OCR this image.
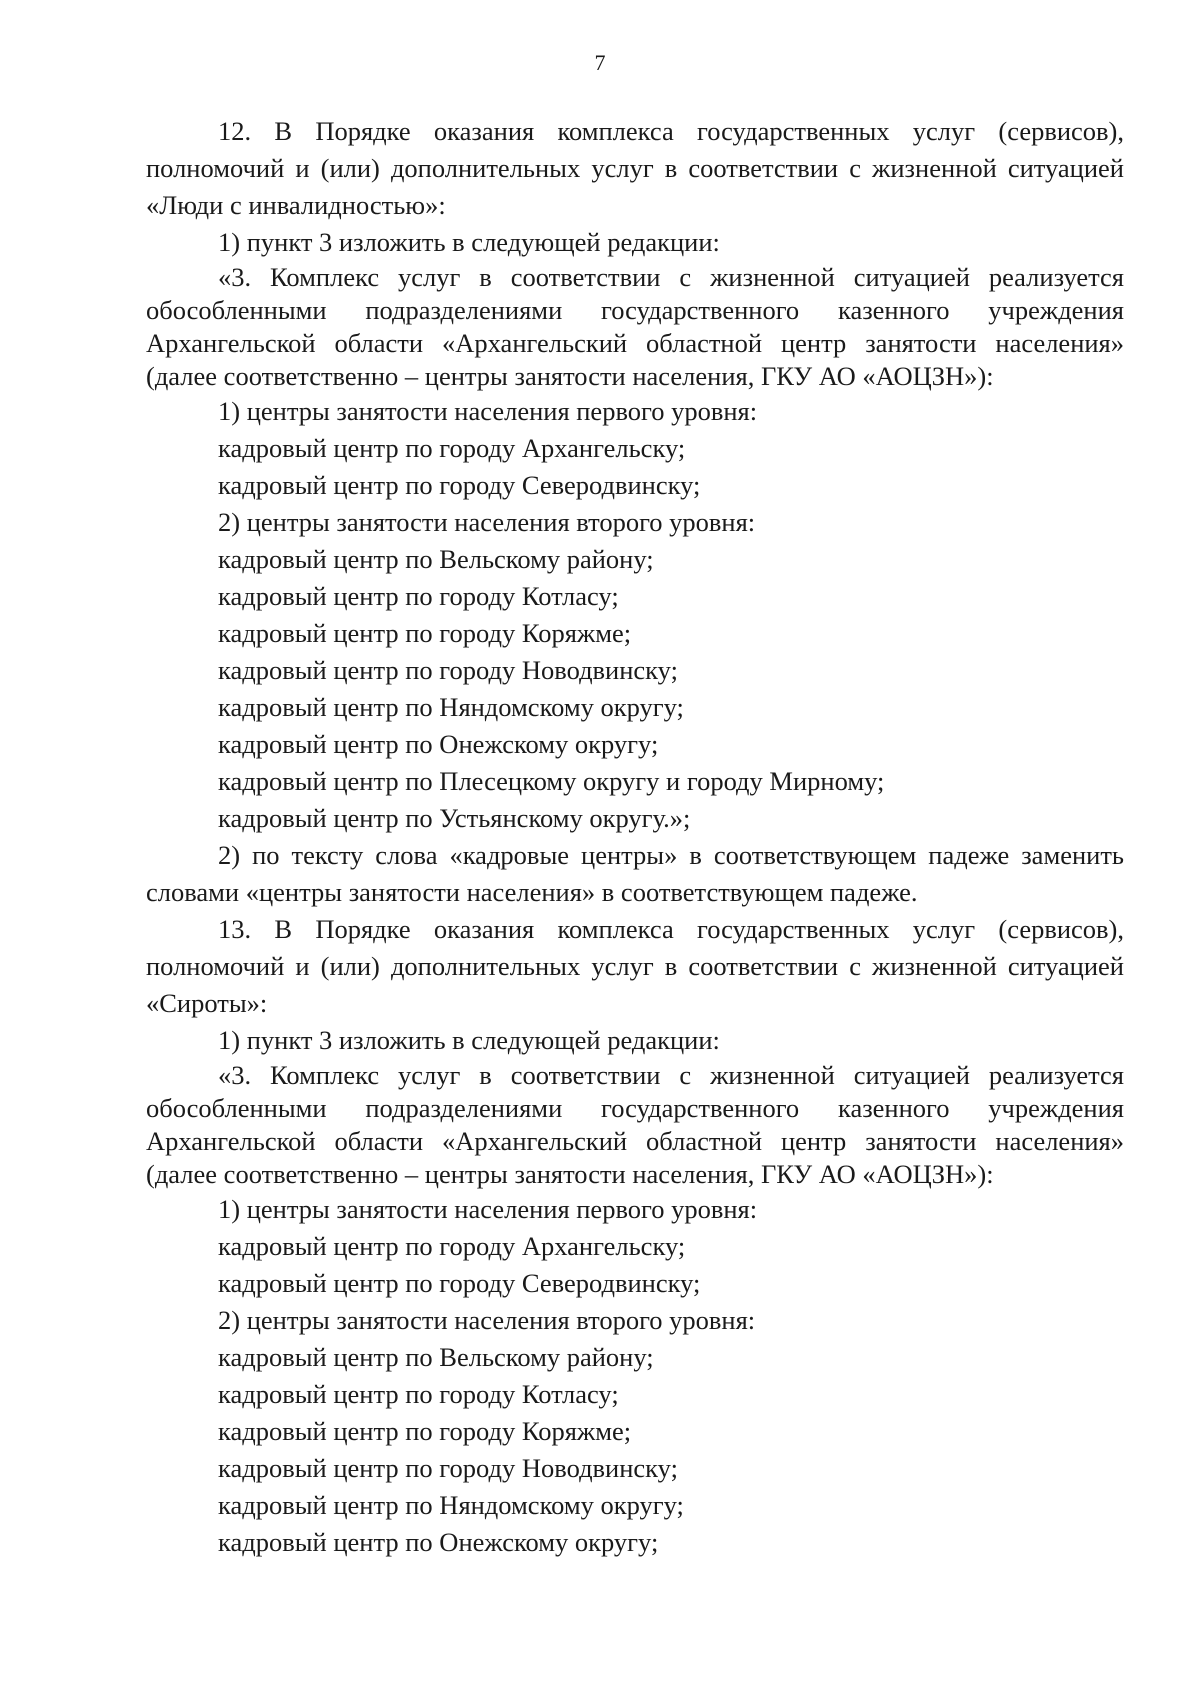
7

12. В Порядке оказания комплекса государственных услуг (сервисов), полномочий и (или) дополнительных услуг в соответствии с жизненной ситуацией «Люди с инвалидностью»:

1) пункт 3 изложить в следующей редакции:

«3. Комплекс услуг в соответствии с жизненной ситуацией реализуется обособленными подразделениями государственного казенного учреждения Архангельской области «Архангельский областной центр занятости населения» (далее соответственно – центры занятости населения, ГКУ АО «АОЦЗН»):

1) центры занятости населения первого уровня:

кадровый центр по городу Архангельску;

кадровый центр по городу Северодвинску;

2) центры занятости населения второго уровня:

кадровый центр по Вельскому району;

кадровый центр по городу Котласу;

кадровый центр по городу Коряжме;

кадровый центр по городу Новодвинску;

кадровый центр по Няндомскому округу;

кадровый центр по Онежскому округу;

кадровый центр по Плесецкому округу и городу Мирному;

кадровый центр по Устьянскому округу.»;

2) по тексту слова «кадровые центры» в соответствующем падеже заменить словами «центры занятости населения» в соответствующем падеже.

13. В Порядке оказания комплекса государственных услуг (сервисов), полномочий и (или) дополнительных услуг в соответствии с жизненной ситуацией «Сироты»:

1) пункт 3 изложить в следующей редакции:

«3. Комплекс услуг в соответствии с жизненной ситуацией реализуется обособленными подразделениями государственного казенного учреждения Архангельской области «Архангельский областной центр занятости населения» (далее соответственно – центры занятости населения, ГКУ АО «АОЦЗН»):

1) центры занятости населения первого уровня:

кадровый центр по городу Архангельску;

кадровый центр по городу Северодвинску;

2) центры занятости населения второго уровня:

кадровый центр по Вельскому району;

кадровый центр по городу Котласу;

кадровый центр по городу Коряжме;

кадровый центр по городу Новодвинску;

кадровый центр по Няндомскому округу;

кадровый центр по Онежскому округу;
